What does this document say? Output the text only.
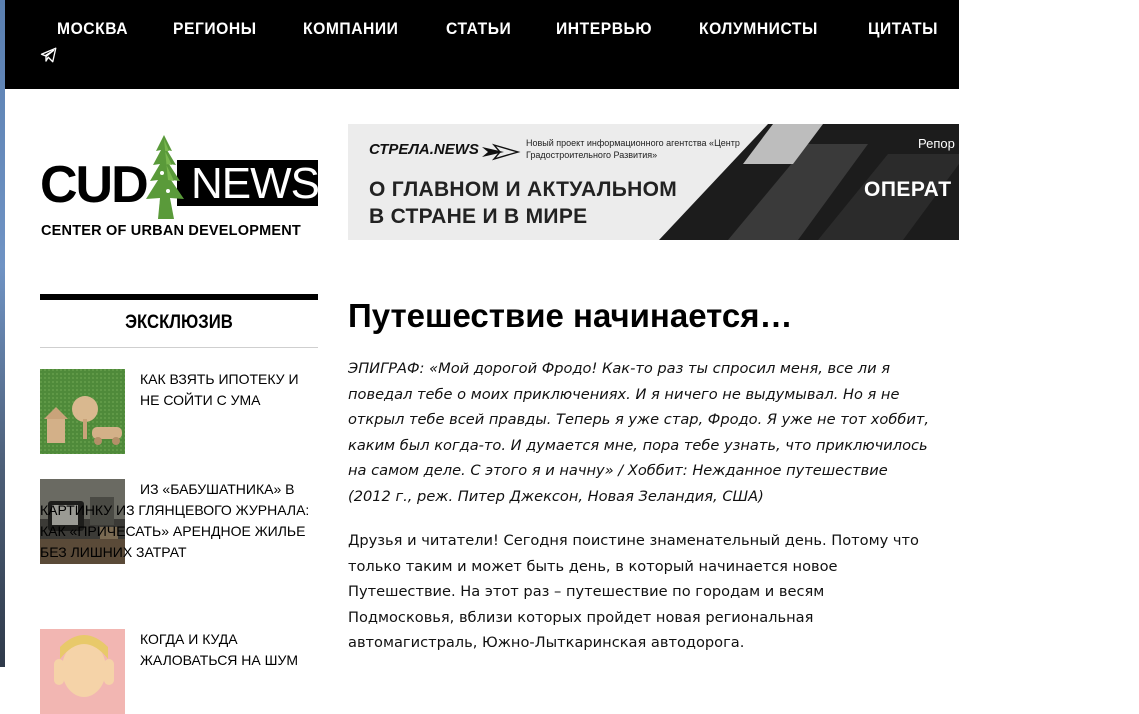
МОСКВА	РЕГИОНЫ	КОМПАНИИ	СТАТЬИ	ИНТЕРВЬЮ	КОЛУМНИСТЫ	ЦИТАТЫ	ДОКУМЕНТЫ
CUD NEWS
CENTER OF URBAN DEVELOPMENT
СТРЕЛА.NEWS	Новый проект информационного агентства «Центр Градостроительного Развития»
О ГЛАВНОМ И АКТУАЛЬНОМ
В СТРАНЕ И В МИРЕ
Репор
ОПЕРАТ
ЭКСКЛЮЗИВ
КАК ВЗЯТЬ ИПОТЕКУ И НЕ СОЙТИ С УМА
ИЗ «БАБУШАТНИКА» В КАРТИНКУ ИЗ ГЛЯНЦЕВОГО ЖУРНАЛА: КАК «ПРИЧЕСАТЬ» АРЕНДНОЕ ЖИЛЬЕ БЕЗ ЛИШНИХ ЗАТРАТ
КОГДА И КУДА ЖАЛОВАТЬСЯ НА ШУМ
Путешествие начинается…

ЭПИГРАФ: «Мой дорогой Фродо! Как-то раз ты спросил меня, все ли я поведал тебе о моих приключениях. И я ничего не выдумывал. Но я не открыл тебе всей правды. Теперь я уже стар, Фродо. Я уже не тот хоббит, каким был когда-то. И думается мне, пора тебе узнать, что приключилось на самом деле. С этого я и начну» / Хоббит: Нежданное путешествие (2012 г., реж. Питер Джексон, Новая Зеландия, США)

Друзья и читатели! Сегодня поистине знаменательный день. Потому что только таким и может быть день, в который начинается новое Путешествие. На этот раз – путешествие по городам и весям Подмосковья, вблизи которых пройдет новая региональная автомагистраль, Южно-Лыткаринская автодорога.
